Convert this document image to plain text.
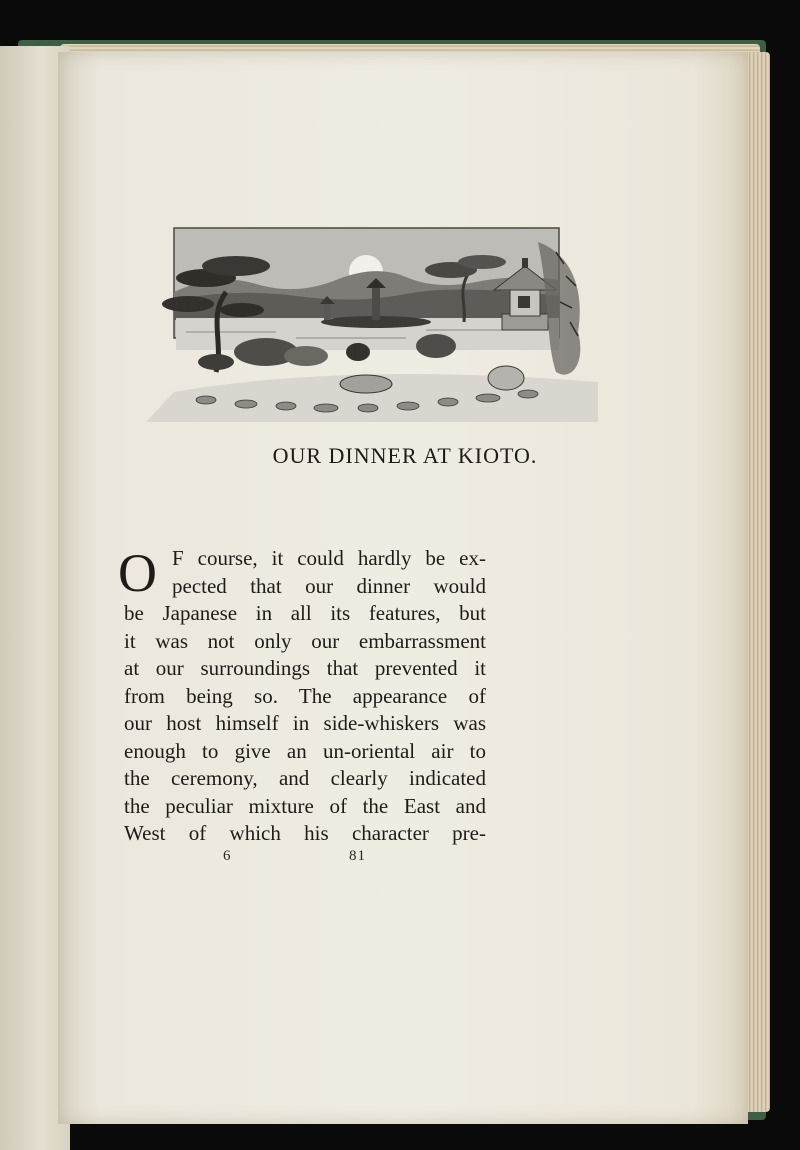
OUR DINNER AT KIOTO.
O F course, it could hardly be ex-
pected that our dinner would
be Japanese in all its features, but
it was not only our embarrassment
at our surroundings that prevented it
from being so. The appearance of
our host himself in side-whiskers was
enough to give an un-oriental air to
the ceremony, and clearly indicated
the peculiar mixture of the East and
West of which his character pre-
6	81
